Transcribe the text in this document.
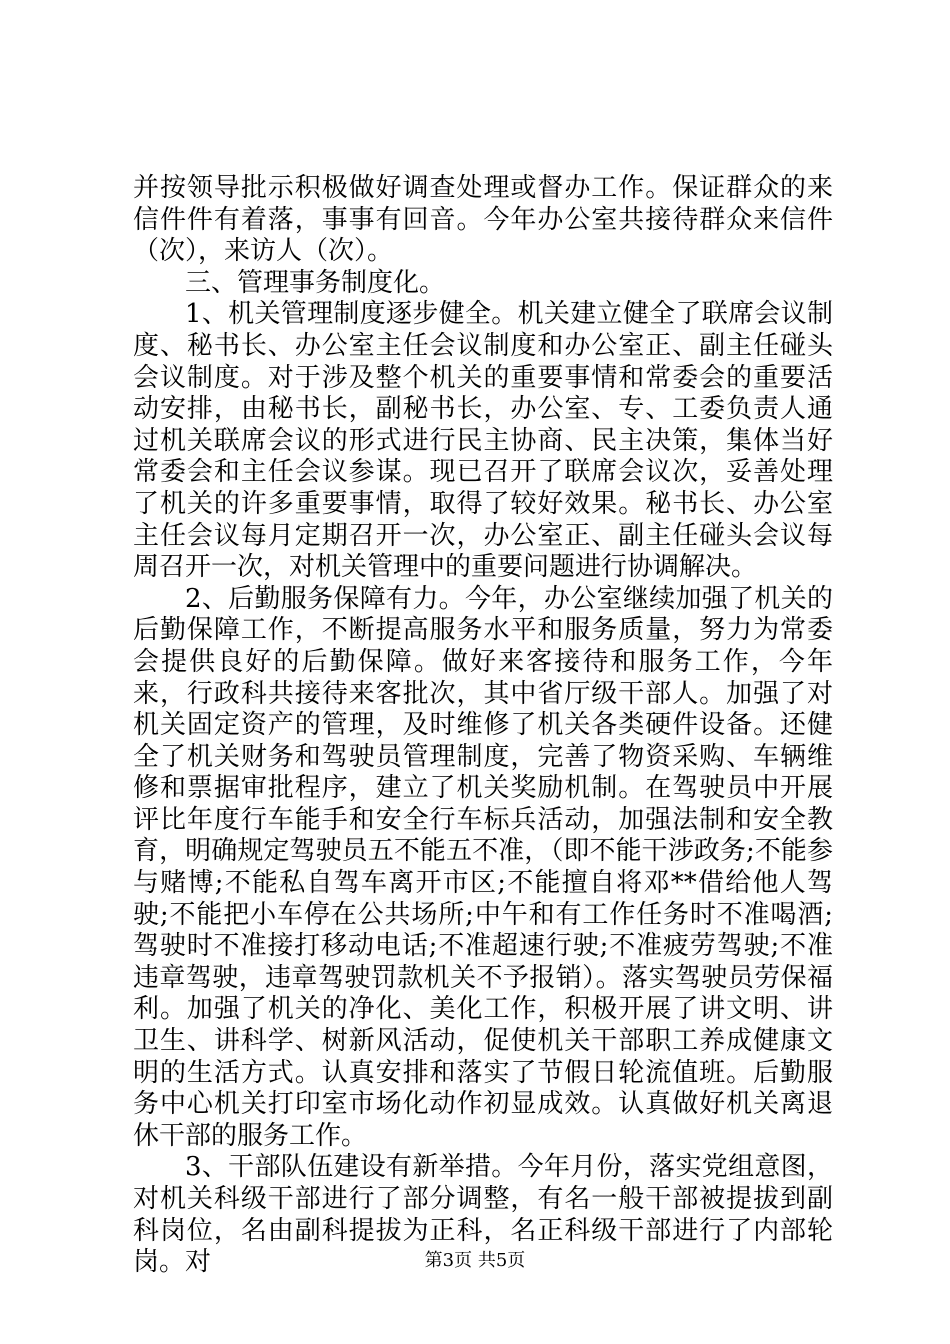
并按领导批示积极做好调查处理或督办工作。保证群众的来信件件有着落，事事有回音。今年办公室共接待群众来信件（次），来访人（次）。

三、管理事务制度化。

1、机关管理制度逐步健全。机关建立健全了联席会议制度、秘书长、办公室主任会议制度和办公室正、副主任碰头会议制度。对于涉及整个机关的重要事情和常委会的重要活动安排，由秘书长，副秘书长，办公室、专、工委负责人通过机关联席会议的形式进行民主协商、民主决策，集体当好常委会和主任会议参谋。现已召开了联席会议次，妥善处理了机关的许多重要事情，取得了较好效果。秘书长、办公室主任会议每月定期召开一次，办公室正、副主任碰头会议每周召开一次，对机关管理中的重要问题进行协调解决。

2、后勤服务保障有力。今年，办公室继续加强了机关的后勤保障工作，不断提高服务水平和服务质量，努力为常委会提供良好的后勤保障。做好来客接待和服务工作，今年来，行政科共接待来客批次，其中省厅级干部人。加强了对机关固定资产的管理，及时维修了机关各类硬件设备。还健全了机关财务和驾驶员管理制度，完善了物资采购、车辆维修和票据审批程序，建立了机关奖励机制。在驾驶员中开展评比年度行车能手和安全行车标兵活动，加强法制和安全教育，明确规定驾驶员五不能五不准，（即不能干涉政务;不能参与赌博;不能私自驾车离开市区;不能擅自将邓**借给他人驾驶;不能把小车停在公共场所;中午和有工作任务时不准喝酒;驾驶时不准接打移动电话;不准超速行驶;不准疲劳驾驶;不准违章驾驶，违章驾驶罚款机关不予报销）。落实驾驶员劳保福利。加强了机关的净化、美化工作，积极开展了讲文明、讲卫生、讲科学、树新风活动，促使机关干部职工养成健康文明的生活方式。认真安排和落实了节假日轮流值班。后勤服务中心机关打印室市场化动作初显成效。认真做好机关离退休干部的服务工作。

3、干部队伍建设有新举措。今年月份，落实党组意图，对机关科级干部进行了部分调整，有名一般干部被提拔到副科岗位，名由副科提拔为正科，名正科级干部进行了内部轮岗。对	第3页 共5页
